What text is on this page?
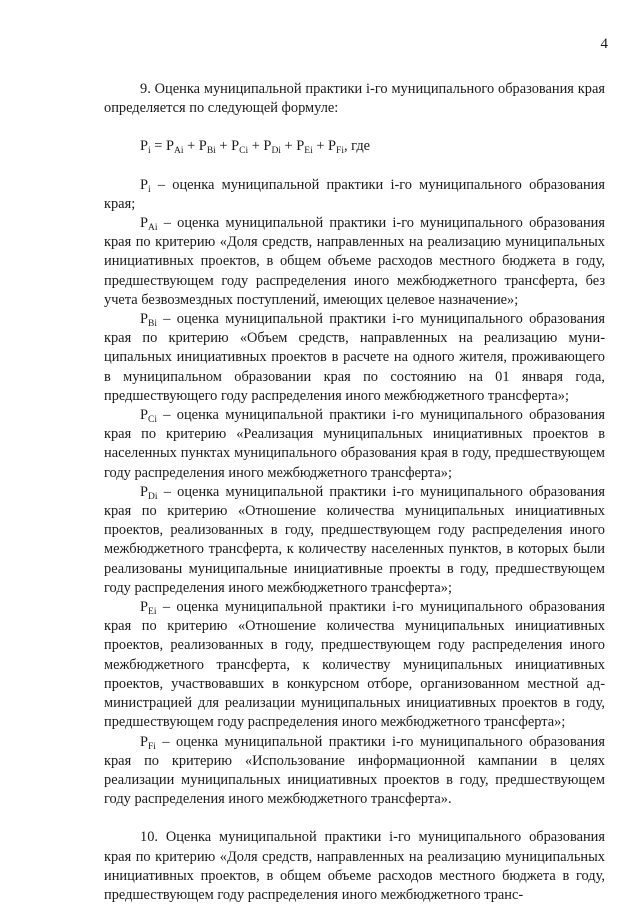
4

9. Оценка муниципальной практики i-го муниципального образования края определяется по следующей формуле:

$P_i = P_{Ai} + P_{Bi} + P_{Ci} + P_{Di} + P_{Ei} + P_{Fi}$, где

$P_i$ – оценка муниципальной практики i-го муниципального образования края;

$P_{Ai}$ – оценка муниципальной практики i-го муниципального образования края по критерию «Доля средств, направленных на реализацию муниципальных инициативных проектов, в общем объеме расходов местного бюджета в году, предшествующем году распределения иного межбюджетного трансферта, без учета безвозмездных поступлений, имеющих целевое назначение»;

$P_{Bi}$ – оценка муниципальной практики i-го муниципального образования края по критерию «Объем средств, направленных на реализацию муниципальных инициативных проектов в расчете на одного жителя, проживающего в муниципальном образовании края по состоянию на 01 января года, предшествующего году распределения иного межбюджетного трансферта»;

$P_{Ci}$ – оценка муниципальной практики i-го муниципального образования края по критерию «Реализация муниципальных инициативных проектов в населенных пунктах муниципального образования края в году, предшествующем году распределения иного межбюджетного трансферта»;

$P_{Di}$ – оценка муниципальной практики i-го муниципального образования края по критерию «Отношение количества муниципальных инициативных проектов, реализованных в году, предшествующем году распределения иного межбюджетного трансферта, к количеству населенных пунктов, в которых были реализованы муниципальные инициативные проекты в году, предшествующем году распределения иного межбюджетного трансферта»;

$P_{Ei}$ – оценка муниципальной практики i-го муниципального образования края по критерию «Отношение количества муниципальных инициативных проектов, реализованных в году, предшествующем году распределения иного межбюджетного трансферта, к количеству муниципальных инициативных проектов, участвовавших в конкурсном отборе, организованном местной администрацией для реализации муниципальных инициативных проектов в году, предшествующем году распределения иного межбюджетного трансферта»;

$P_{Fi}$ – оценка муниципальной практики i-го муниципального образования края по критерию «Использование информационной кампании в целях реализации муниципальных инициативных проектов в году, предшествующем году распределения иного межбюджетного трансферта».

10. Оценка муниципальной практики i-го муниципального образования края по критерию «Доля средств, направленных на реализацию муниципальных инициативных проектов, в общем объеме расходов местного бюджета в году, предшествующем году распределения иного межбюджетного транс-
